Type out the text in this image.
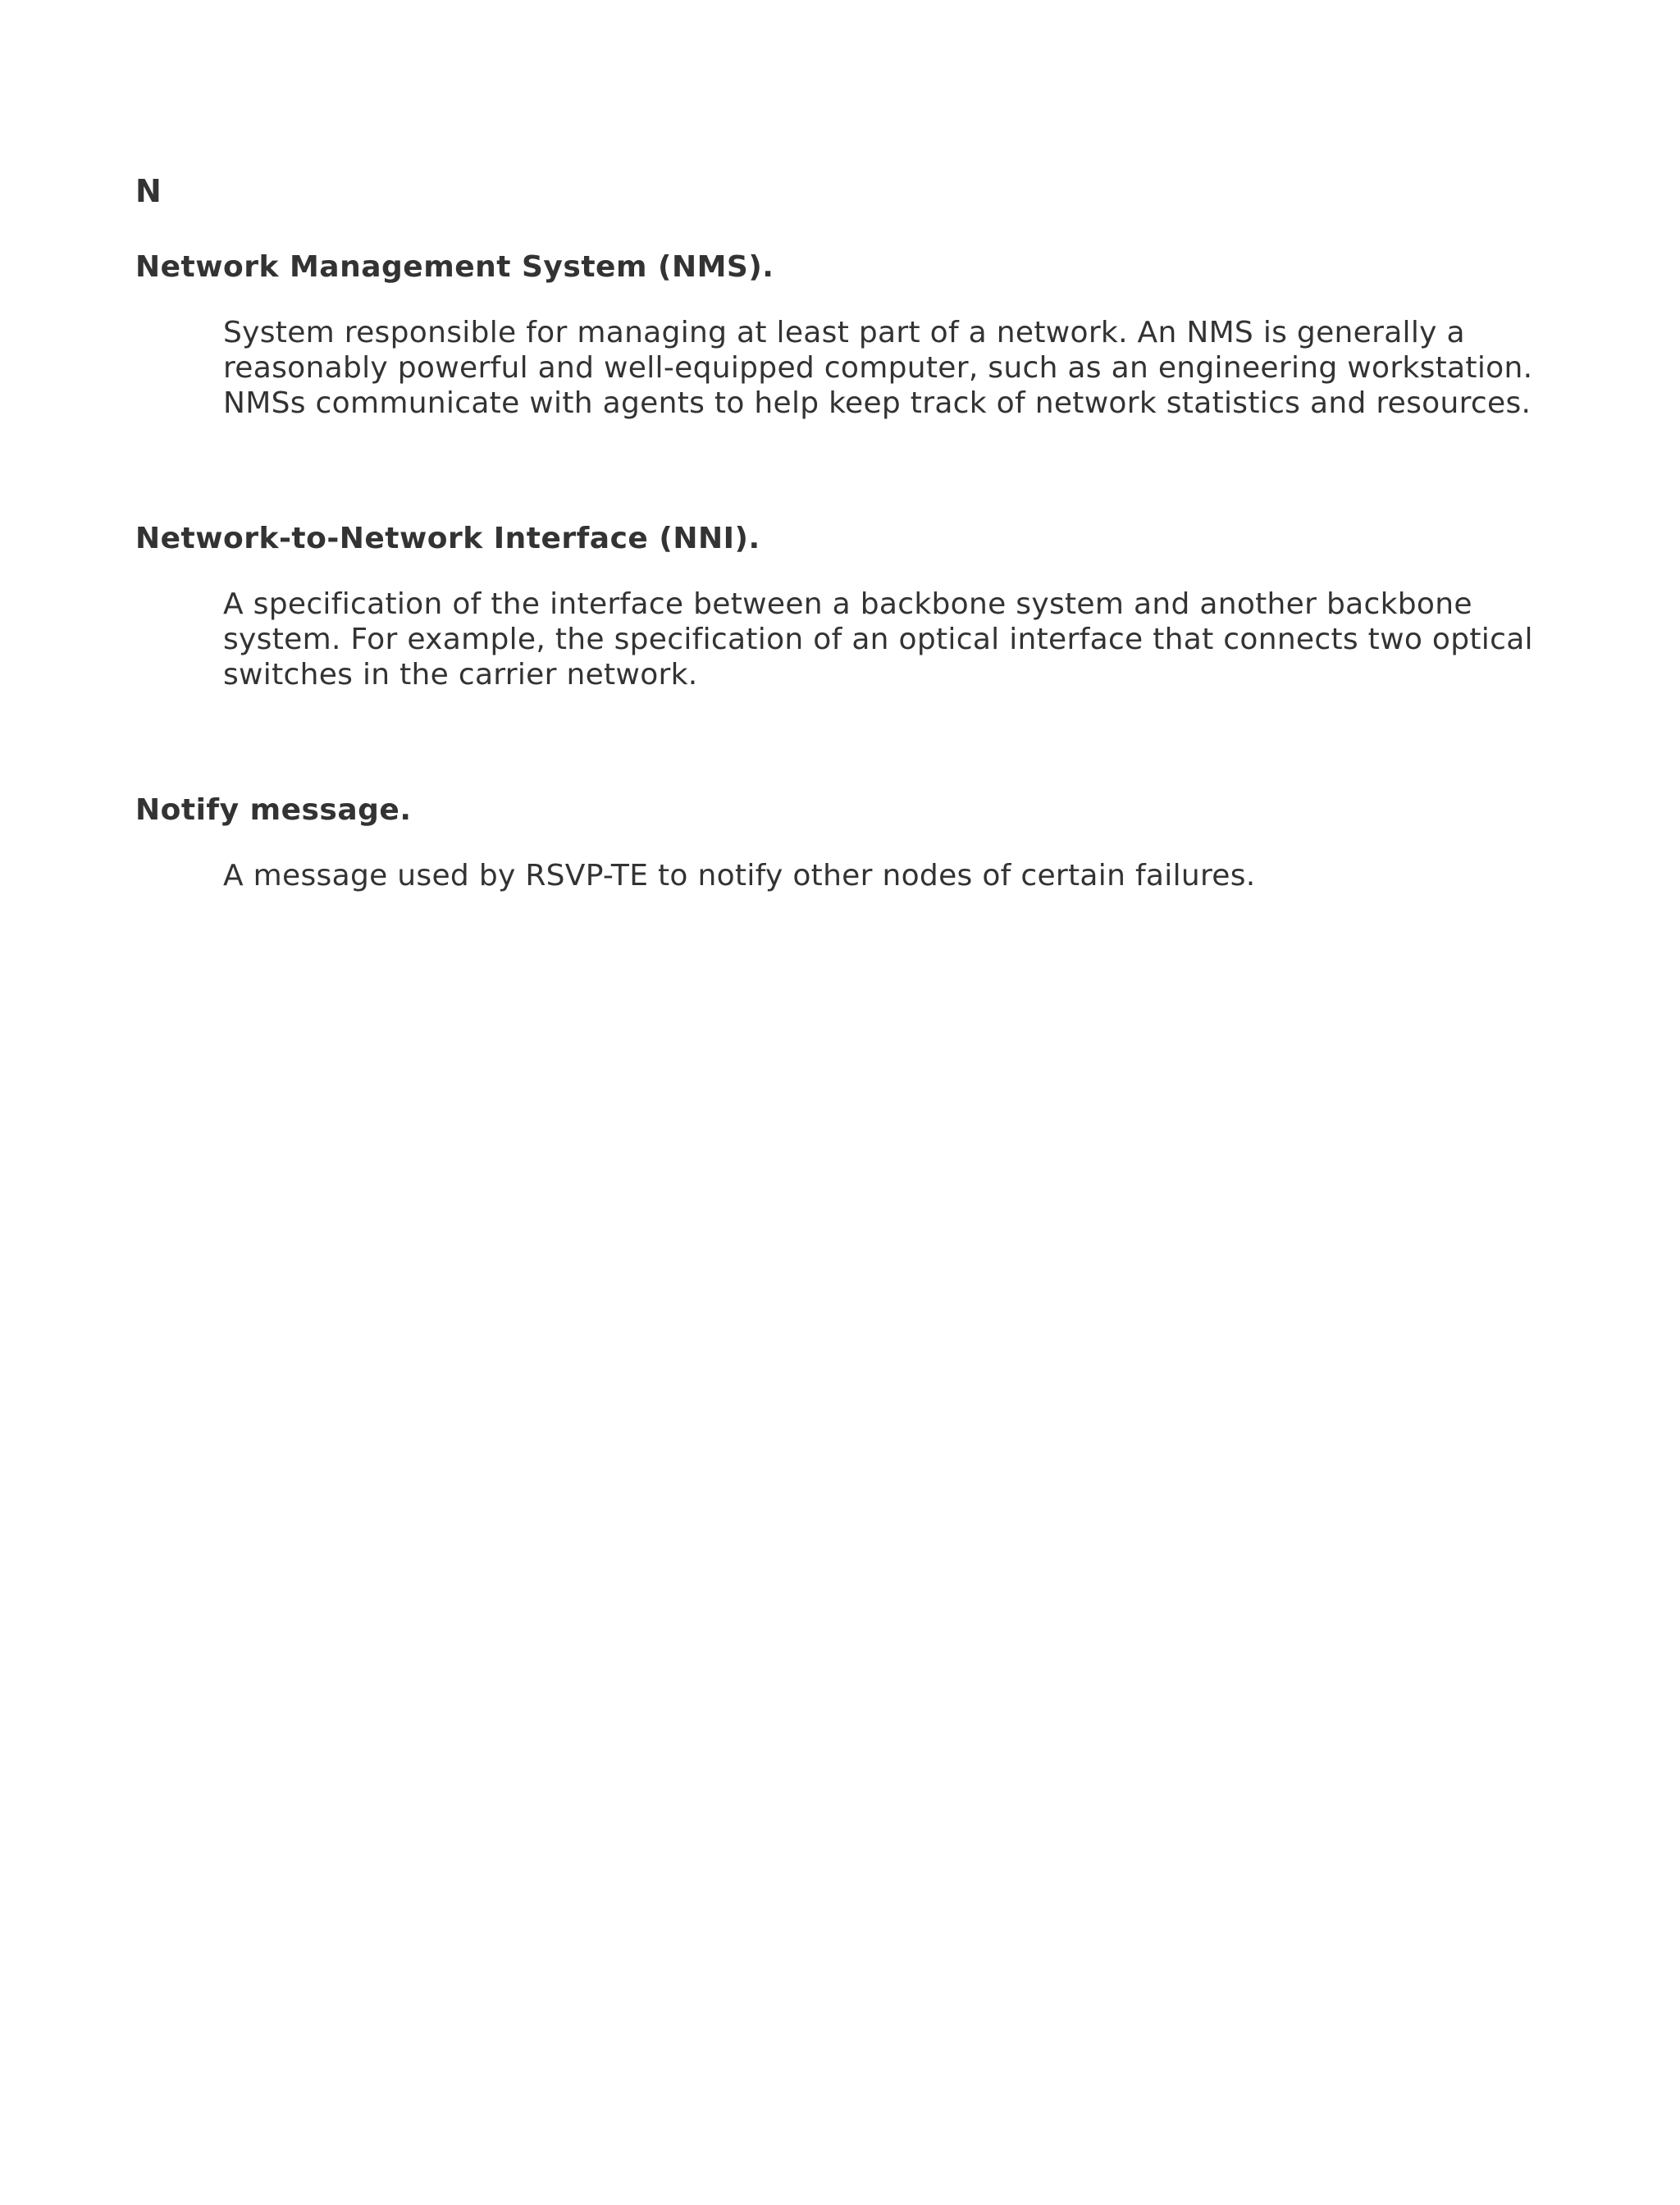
N
Network Management System (NMS).
System responsible for managing at least part of a network. An NMS is generally a reasonably powerful and well-equipped computer, such as an engineering workstation. NMSs communicate with agents to help keep track of network statistics and resources.
Network-to-Network Interface (NNI).
A specification of the interface between a backbone system and another backbone system. For example, the specification of an optical interface that connects two optical switches in the carrier network.
Notify message.
A message used by RSVP-TE to notify other nodes of certain failures.
